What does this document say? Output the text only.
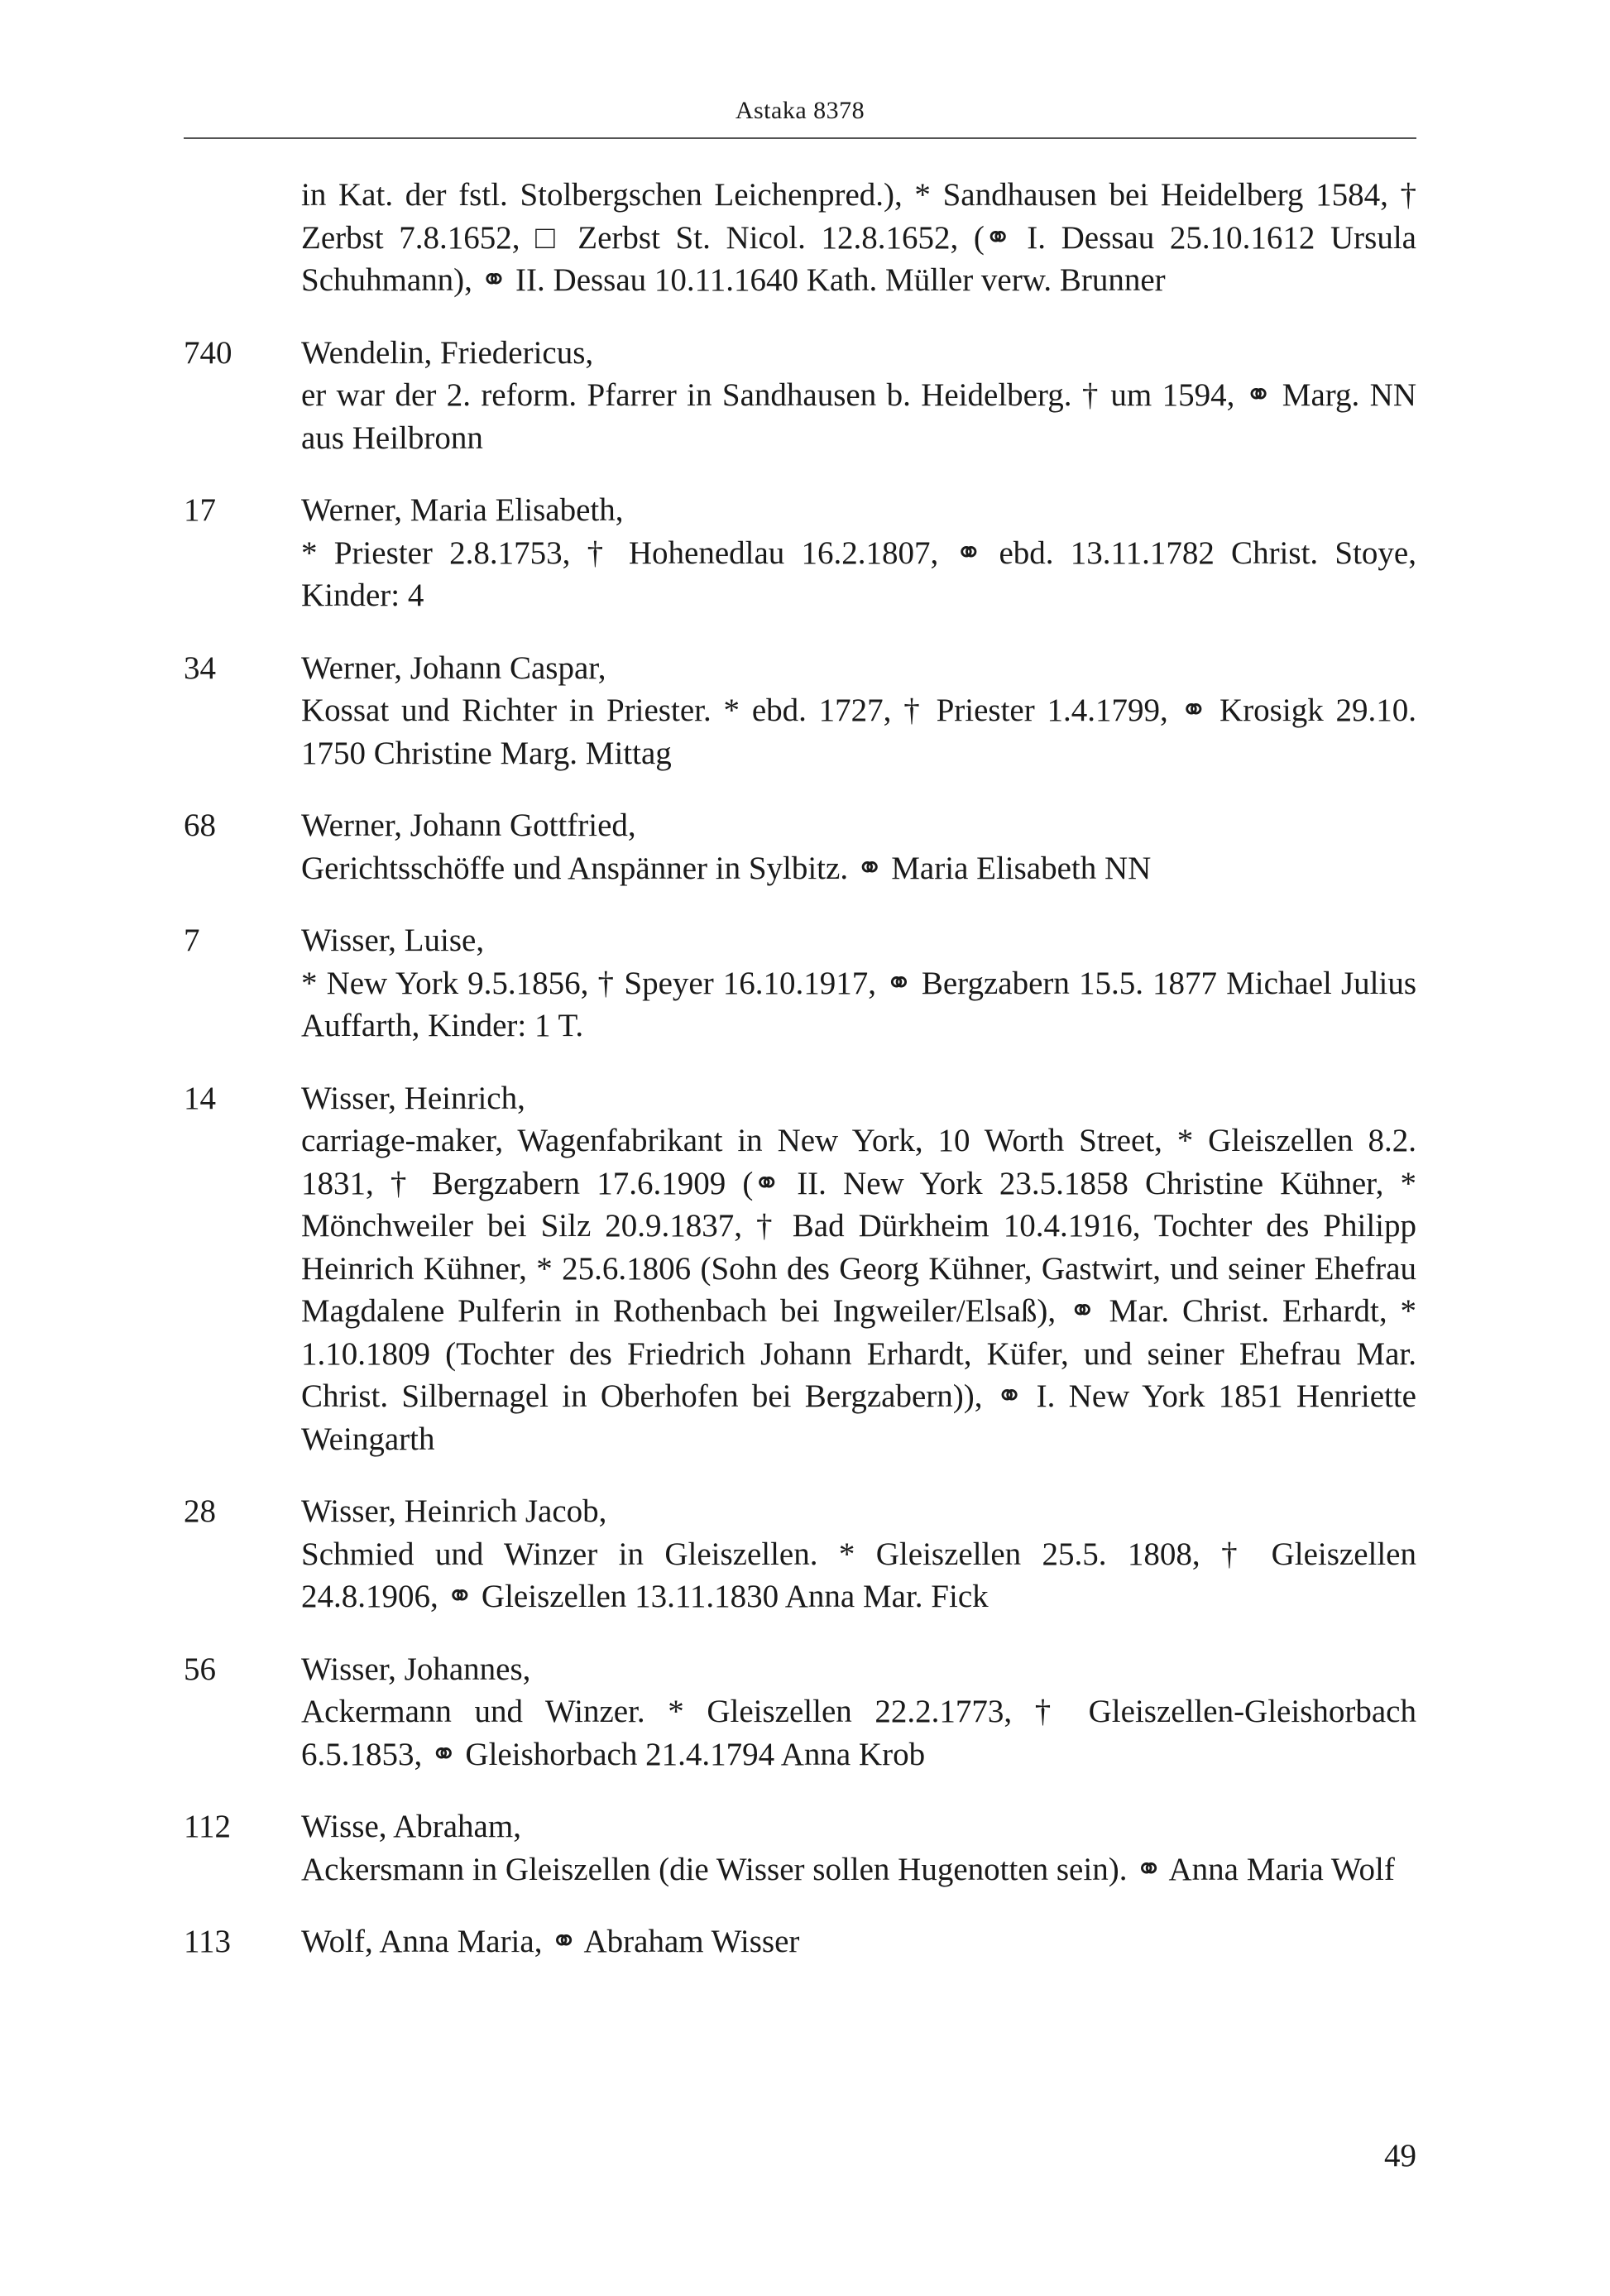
Astaka 8378
in Kat. der fstl. Stolbergschen Leichenpred.), * Sandhausen bei Heidelberg 1584, † Zerbst 7.8.1652, □ Zerbst St. Nicol. 12.8.1652, (⚭ I. Dessau 25.10.1612 Ursula Schuhmann), ⚭ II. Dessau 10.11.1640 Kath. Müller verw. Brunner
740	Wendelin, Friedericus,
er war der 2. reform. Pfarrer in Sandhausen b. Heidelberg. † um 1594, ⚭ Marg. NN aus Heilbronn
17	Werner, Maria Elisabeth,
* Priester 2.8.1753, † Hohenedlau 16.2.1807, ⚭ ebd. 13.11.1782 Christ. Stoye, Kinder: 4
34	Werner, Johann Caspar,
Kossat und Richter in Priester. * ebd. 1727, † Priester 1.4.1799, ⚭ Krosigk 29.10. 1750 Christine Marg. Mittag
68	Werner, Johann Gottfried,
Gerichtsschöffe und Anspänner in Sylbitz. ⚭ Maria Elisabeth NN
7	Wisser, Luise,
* New York 9.5.1856, † Speyer 16.10.1917, ⚭ Bergzabern 15.5. 1877 Michael Julius Auffarth, Kinder: 1 T.
14	Wisser, Heinrich,
carriage-maker, Wagenfabrikant in New York, 10 Worth Street, * Gleiszellen 8.2. 1831, † Bergzabern 17.6.1909 (⚭ II. New York 23.5.1858 Christine Kühner, * Mönchweiler bei Silz 20.9.1837, † Bad Dürkheim 10.4.1916, Tochter des Philipp Heinrich Kühner, * 25.6.1806 (Sohn des Georg Kühner, Gastwirt, und seiner Ehefrau Magdalene Pulferin in Rothenbach bei Ingweiler/Elsaß), ⚭ Mar. Christ. Erhardt, * 1.10.1809 (Tochter des Friedrich Johann Erhardt, Küfer, und seiner Ehefrau Mar. Christ. Silbernagel in Oberhofen bei Bergzabern)), ⚭ I. New York 1851 Henriette Weingarth
28	Wisser, Heinrich Jacob,
Schmied und Winzer in Gleiszellen. * Gleiszellen 25.5. 1808, † Gleiszellen 24.8.1906, ⚭ Gleiszellen 13.11.1830 Anna Mar. Fick
56	Wisser, Johannes,
Ackermann und Winzer. * Gleiszellen 22.2.1773, † Gleiszellen-Gleishorbach 6.5.1853, ⚭ Gleishorbach 21.4.1794 Anna Krob
112	Wisse, Abraham,
Ackersmann in Gleiszellen (die Wisser sollen Hugenotten sein). ⚭ Anna Maria Wolf
113	Wolf, Anna Maria, ⚭ Abraham Wisser
49
